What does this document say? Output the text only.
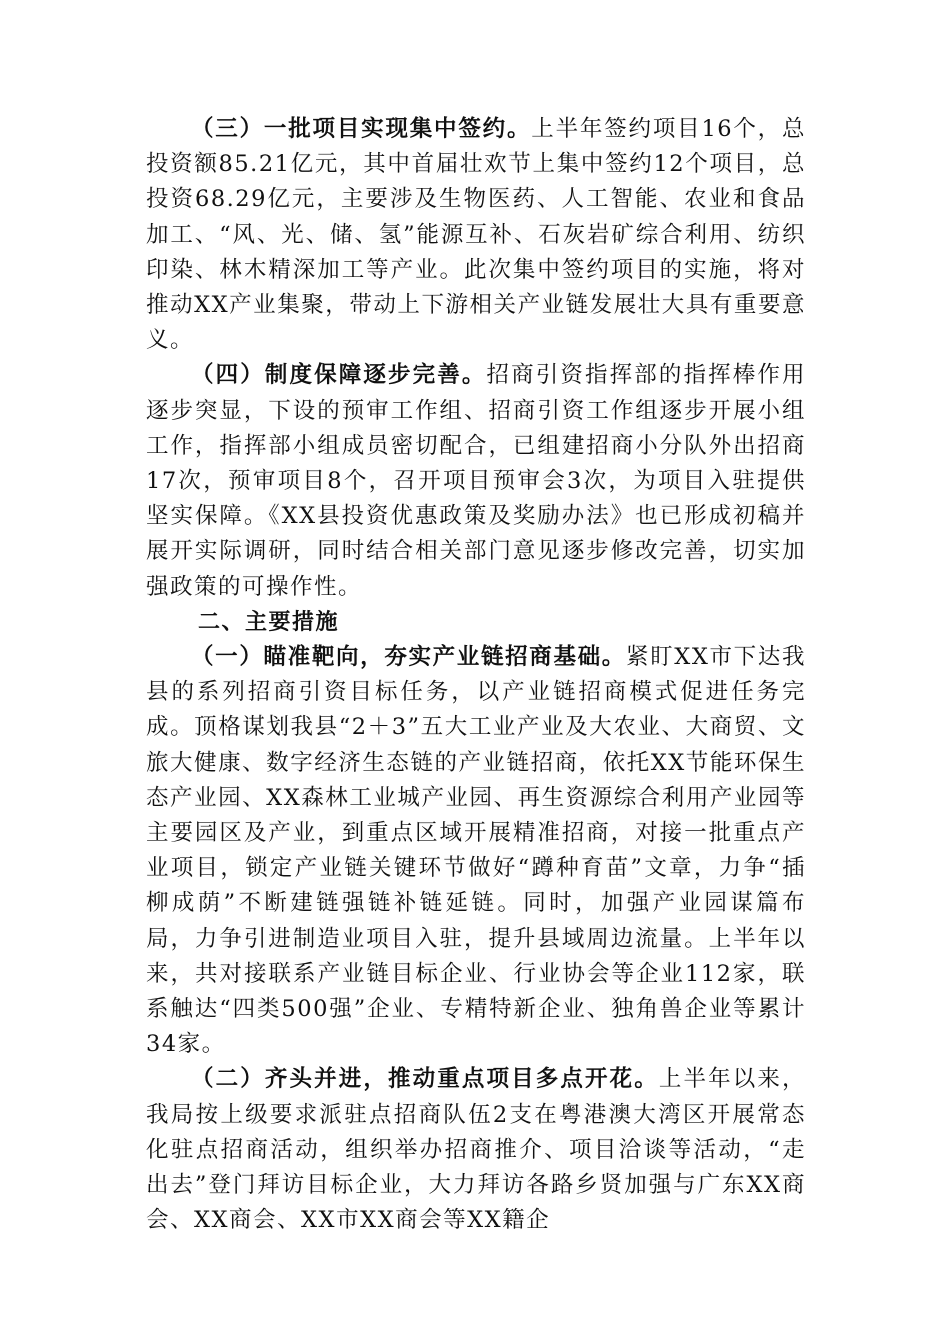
（三）一批项目实现集中签约。上半年签约项目16个，总投资额85.21亿元，其中首届壮欢节上集中签约12个项目，总投资68.29亿元，主要涉及生物医药、人工智能、农业和食品加工、“风、光、储、氢”能源互补、石灰岩矿综合利用、纺织印染、林木精深加工等产业。此次集中签约项目的实施，将对推动XX产业集聚，带动上下游相关产业链发展壮大具有重要意义。

（四）制度保障逐步完善。招商引资指挥部的指挥棒作用逐步突显，下设的预审工作组、招商引资工作组逐步开展小组工作，指挥部小组成员密切配合，已组建招商小分队外出招商17次，预审项目8个，召开项目预审会3次，为项目入驻提供坚实保障。《XX县投资优惠政策及奖励办法》也已形成初稿并展开实际调研，同时结合相关部门意见逐步修改完善，切实加强政策的可操作性。

二、主要措施

（一）瞄准靶向，夯实产业链招商基础。紧盯XX市下达我县的系列招商引资目标任务，以产业链招商模式促进任务完成。顶格谋划我县“2＋3”五大工业产业及大农业、大商贸、文旅大健康、数字经济生态链的产业链招商，依托XX节能环保生态产业园、XX森林工业城产业园、再生资源综合利用产业园等主要园区及产业，到重点区域开展精准招商，对接一批重点产业项目，锁定产业链关键环节做好“蹲种育苗”文章，力争“插柳成荫”不断建链强链补链延链。同时，加强产业园谋篇布局，力争引进制造业项目入驻，提升县域周边流量。上半年以来，共对接联系产业链目标企业、行业协会等企业112家，联系触达“四类500强”企业、专精特新企业、独角兽企业等累计34家。

（二）齐头并进，推动重点项目多点开花。上半年以来，我局按上级要求派驻点招商队伍2支在粤港澳大湾区开展常态化驻点招商活动，组织举办招商推介、项目洽谈等活动，“走出去”登门拜访目标企业，大力拜访各路乡贤加强与广东XX商会、XX商会、XX市XX商会等XX籍企
